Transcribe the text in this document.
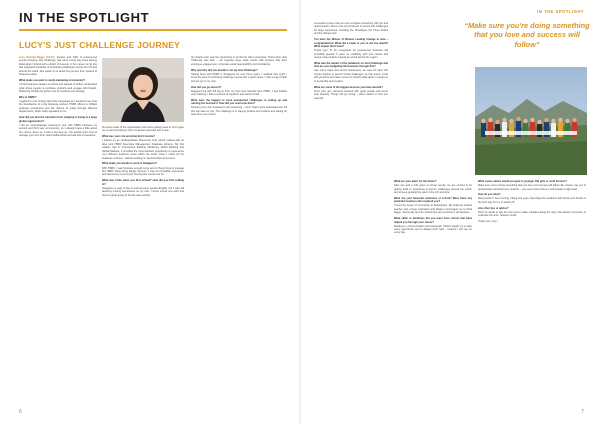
IN THE SPOTLIGHT
LUCY'S JUST CHALLENGE JOURNEY

Lucy Bennett-Bagge (33-37), founder and CEO of purpose-led events company Just Challenge, has come a long way since leaving Delsingham School with a clutch of A-levels. In her career so far she has organised hundreds of fundraising challenges across the UK and around the world. She spoke to us about her journey from student to business leader.

What made you want to study marketing at university?
I loved business studies at school and wanted to further understand what drives people to purchase products and engage with brands. Marketing felt like the perfect mix of creativity and strategy.

Why is HSBC?
I applied to a lot of large blue chip companies as I wanted to see how the foundations of a big business worked. HSBC offered a brilliant graduate programme and the chance to rotate through different departments, which really appealed to me.

How did you find the transition from studying to being in a large global organisation?
I did an undergraduate placement year with HSBC between my second and third year at university, so I already knew a little about the culture. Even so, it was a big step up. You quickly learn how to manage your own time, build relationships and ask lots of questions.

the sheer scale of the organisation took some getting used to, but it gave me a real grounding in how a business operates day to day.

What was your role and what did it involve?
I started on an Undergraduate Placement Year, which rotated with an after joint HSBC Executive Management Graduate scheme. My first rotation was in Commercial Banking Marketing, Retail Banking and Global Markets. It provided the most fantastic opportunity to experience very different business areas within the bank. Once I rolled off the Graduate scheme, I started working on sponsorships and events.

What made you decide to work in Singapore?
With HSBC, I was fortunate enough to be sent to Hong Kong to manage the HSBC Hong Kong Rugby Sevens. It was an incredible experience and opened my eyes to just how big live events can be.

What was it like when you first arrived? How did you find settling in?
Singapore is easy to live in and everyone speaks English, but it was still daunting moving somewhere on my own. I threw myself into work and found a great group of friends quite quickly.

the charity and I saw the opportunity to do this for other corporates. That's when Just Challenge was born – we organise large scale events with purpose that drive employee engagement, corporate social responsibility and fundraising.

Why and why did you decide to set up Just Challenge?
Having been with HSBC in Singapore for over three years, I realised how much I loved the idea of combining challenge events with a good cause. I took a leap of faith and set up on my own.

How did you go about it?
Resigned but with full buy-in from my boss and referrals from HSBC, I had brilliant early backing. I built a network of suppliers and started small.

What were the biggest or most unexpected challenges in setting up and running the business? How did you overcome them?
Running your own business is all-consuming – and I hadn't quite anticipated the toll this can take on you. The challenge is in staying positive and resilient and asking for help when you need it.

6
IN THE SPOTLIGHT

successful proven that you can complete something with grit and determination. We've now run hundreds of events and challenges for large companies, including the Himalayas, the Three Peaks and the Sahara trek.

You were the Winner of Women Leading Change in Asia – congratulations! What did it mean to you to win the award? What impact did it have?
Thank you! To be recognised for purpose-led business felt incredibly special. It gave us credibility with new clients and meant I was invited to speak at events across the region.

What was the impact of the pandemic on Just Challenge and how are you navigating the business through this?
Like many travel and events businesses, we were hit hard. We moved quickly to launch virtual challenges so that teams could still get active and raise money for charity while apart. It taught us to be flexible and creative.

What are some of the biggest lessons you have learned?
Trust your gut, surround yourself with great people and never stop learning. Things will go wrong – what matters is how you respond.

“Make sure you're doing something that you love and success will follow”

What are your plans for the future?
After two and a half years of virtual events, we are excited to be getting back to organising in-person challenges around the world, and to keep growing the team in the UK and Asia.

What are your favourite memories of school? Were there any particular teachers who inspired you?
I loved the sense of community at Delsingham. My business studies teacher was a huge inspiration and always encouraged me to think bigger. Sports day and the school trips are memories I still treasure.

What skills or attributes did you learn from school that have helped you through your career?
Resilience, communication and teamwork. School taught me to take every opportunity and to always work hard – lessons I still rely on every day.

What career advice would you give to younger Old girls or sixth formers?
Make sure you're doing something that you love and success will follow. Be curious, say yes to opportunities and build your network – you never know where a conversation might lead.

How do you relax?
Being active! I love running, hiking and yoga. Spending time outdoors with family and friends is the best way for me to switch off.

Any other tips or advice?
Don't be afraid to ask for help and to make mistakes along the way. And always remember to celebrate the wins, however small.

Thank you, Lucy!

7
